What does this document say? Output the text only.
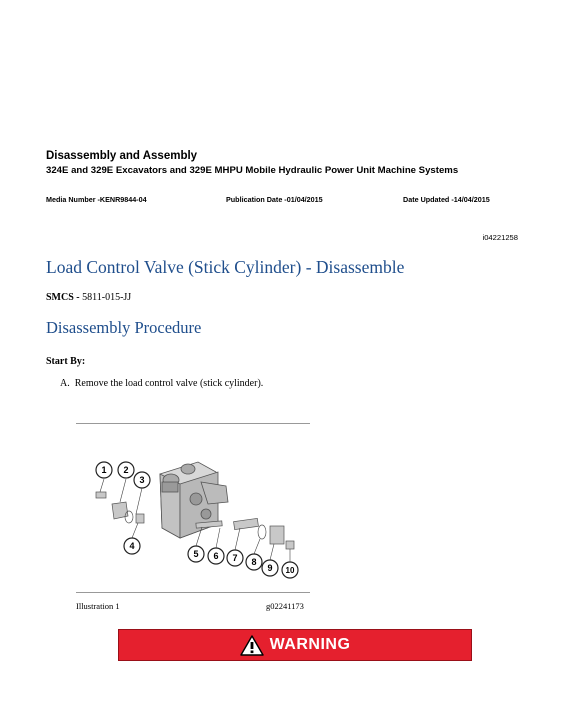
Disassembly and Assembly
324E and 329E Excavators and 329E MHPU Mobile Hydraulic Power Unit Machine Systems
Media Number -KENR9844-04	Publication Date -01/04/2015	Date Updated -14/04/2015
i04221258
Load Control Valve (Stick Cylinder) - Disassemble
SMCS - 5811-015-JJ
Disassembly Procedure
Start By:
A. Remove the load control valve (stick cylinder).
1 2
3
4
5 6 7 8
9 10
Illustration 1	g02241173
WARNING
